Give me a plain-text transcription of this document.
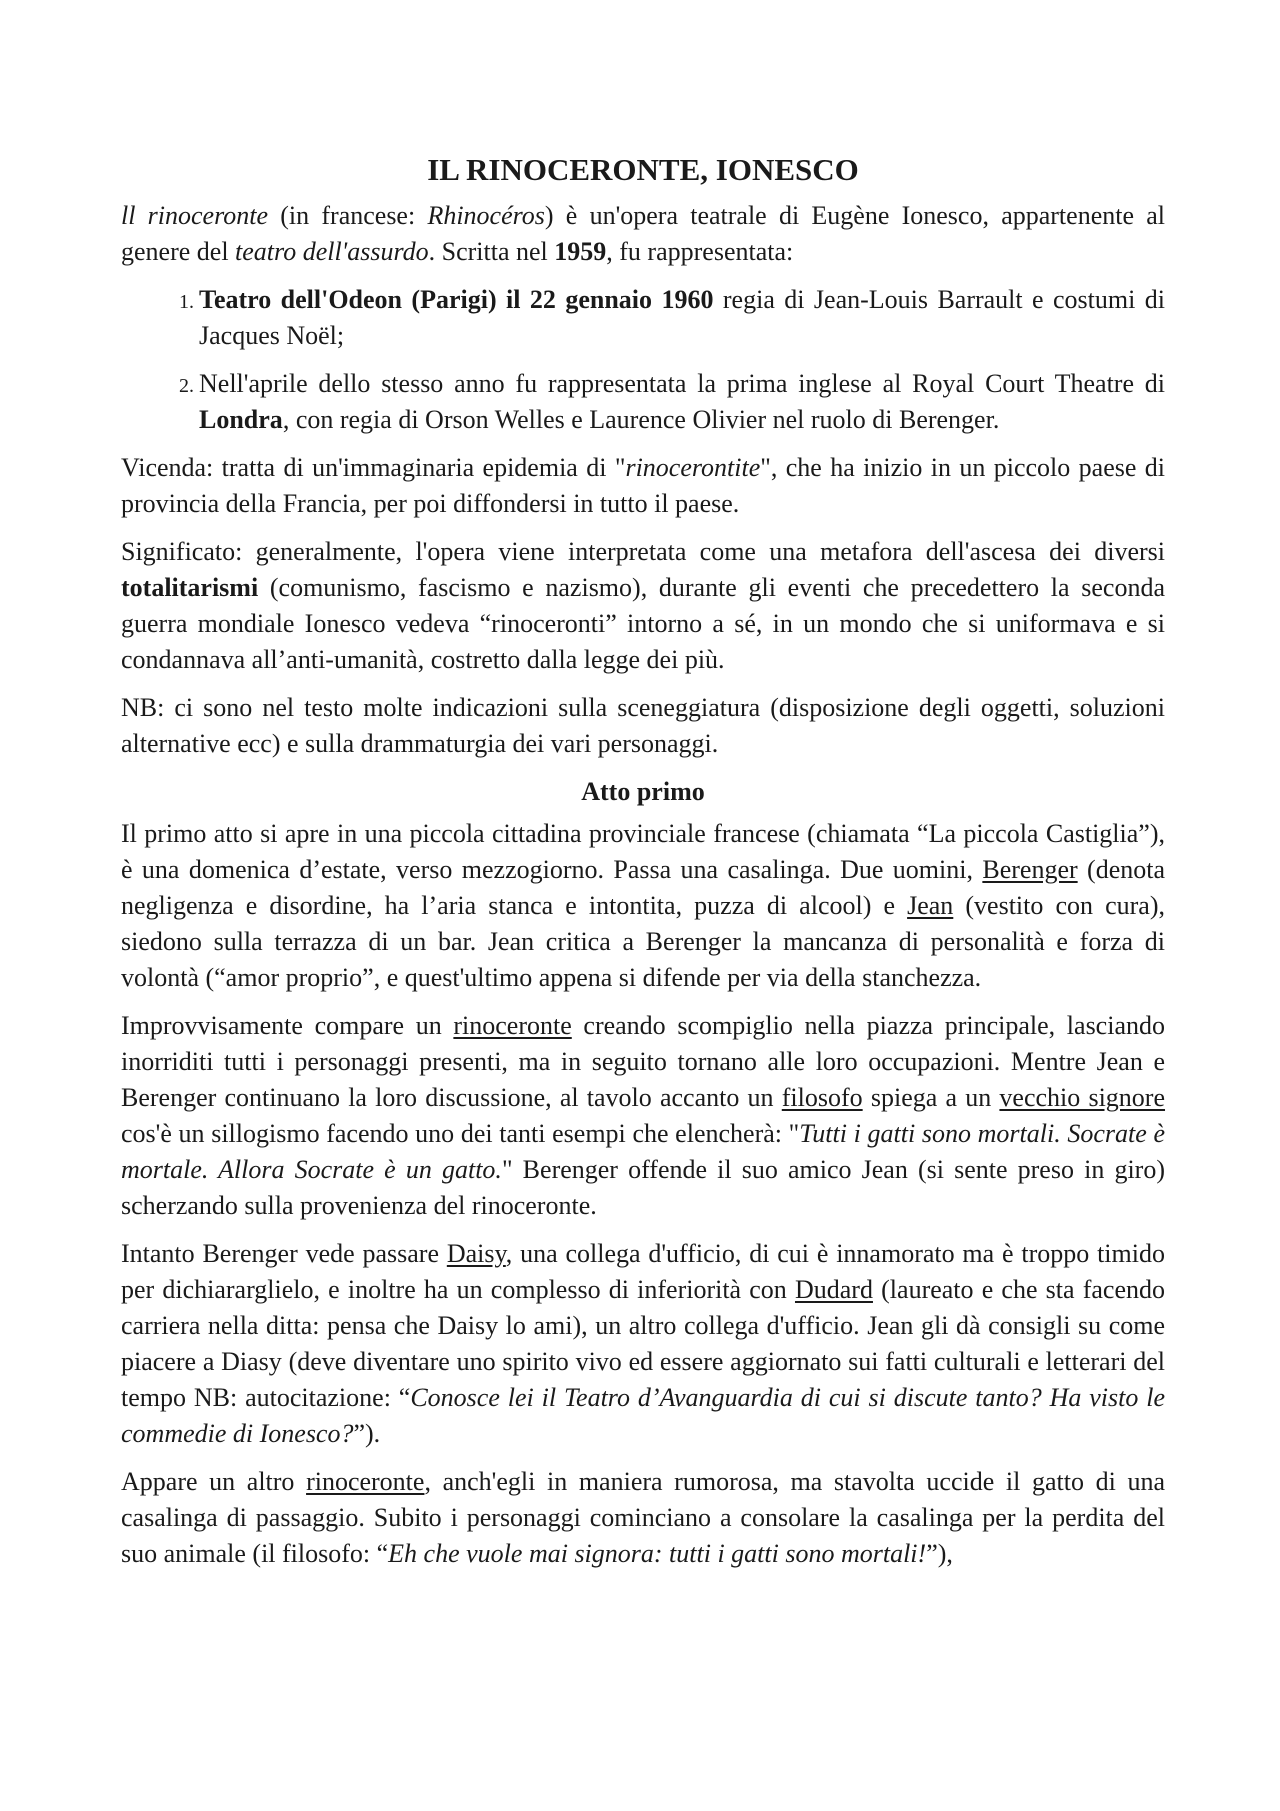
IL RINOCERONTE, IONESCO

ll rinoceronte (in francese: Rhinocéros) è un'opera teatrale di Eugène Ionesco, appartenente al genere del teatro dell'assurdo. Scritta nel 1959, fu rappresentata:

1. Teatro dell'Odeon (Parigi) il 22 gennaio 1960 regia di Jean-Louis Barrault e costumi di Jacques Noël;
2. Nell'aprile dello stesso anno fu rappresentata la prima inglese al Royal Court Theatre di Londra, con regia di Orson Welles e Laurence Olivier nel ruolo di Berenger.

Vicenda: tratta di un'immaginaria epidemia di "rinocerontite", che ha inizio in un piccolo paese di provincia della Francia, per poi diffondersi in tutto il paese.

Significato: generalmente, l'opera viene interpretata come una metafora dell'ascesa dei diversi totalitarismi (comunismo, fascismo e nazismo), durante gli eventi che precedettero la seconda guerra mondiale Ionesco vedeva “rinoceronti” intorno a sé, in un mondo che si uniformava e si condannava all’anti-umanità, costretto dalla legge dei più.

NB: ci sono nel testo molte indicazioni sulla sceneggiatura (disposizione degli oggetti, soluzioni alternative ecc) e sulla drammaturgia dei vari personaggi.

Atto primo

Il primo atto si apre in una piccola cittadina provinciale francese (chiamata “La piccola Castiglia”), è una domenica d’estate, verso mezzogiorno. Passa una casalinga. Due uomini, Berenger (denota negligenza e disordine, ha l’aria stanca e intontita, puzza di alcool) e Jean (vestito con cura), siedono sulla terrazza di un bar. Jean critica a Berenger la mancanza di personalità e forza di volontà (“amor proprio”, e quest'ultimo appena si difende per via della stanchezza.

Improvvisamente compare un rinoceronte creando scompiglio nella piazza principale, lasciando inorriditi tutti i personaggi presenti, ma in seguito tornano alle loro occupazioni. Mentre Jean e Berenger continuano la loro discussione, al tavolo accanto un filosofo spiega a un vecchio signore cos'è un sillogismo facendo uno dei tanti esempi che elencherà: "Tutti i gatti sono mortali. Socrate è mortale. Allora Socrate è un gatto." Berenger offende il suo amico Jean (si sente preso in giro) scherzando sulla provenienza del rinoceronte.

Intanto Berenger vede passare Daisy, una collega d'ufficio, di cui è innamorato ma è troppo timido per dichiararglielo, e inoltre ha un complesso di inferiorità con Dudard (laureato e che sta facendo carriera nella ditta: pensa che Daisy lo ami), un altro collega d'ufficio. Jean gli dà consigli su come piacere a Diasy (deve diventare uno spirito vivo ed essere aggiornato sui fatti culturali e letterari del tempo NB: autocitazione: “Conosce lei il Teatro d’Avanguardia di cui si discute tanto? Ha visto le commedie di Ionesco?”).

Appare un altro rinoceronte, anch'egli in maniera rumorosa, ma stavolta uccide il gatto di una casalinga di passaggio. Subito i personaggi cominciano a consolare la casalinga per la perdita del suo animale (il filosofo: “Eh che vuole mai signora: tutti i gatti sono mortali!”),
